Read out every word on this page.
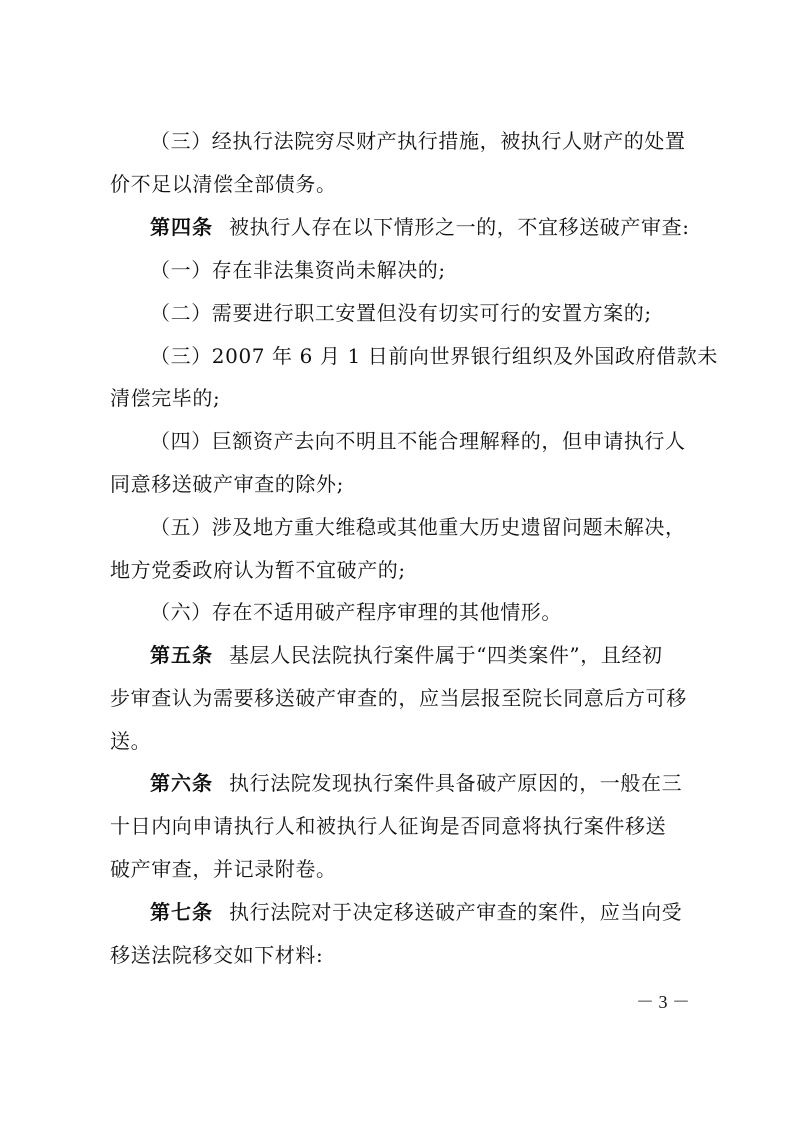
（三）经执行法院穷尽财产执行措施，被执行人财产的处置
价不足以清偿全部债务。
第四条 被执行人存在以下情形之一的，不宜移送破产审查:
（一）存在非法集资尚未解决的;
（二）需要进行职工安置但没有切实可行的安置方案的;
（三）2007 年 6 月 1 日前向世界银行组织及外国政府借款未
清偿完毕的;
（四）巨额资产去向不明且不能合理解释的，但申请执行人
同意移送破产审查的除外;
（五）涉及地方重大维稳或其他重大历史遗留问题未解决，
地方党委政府认为暂不宜破产的;
（六）存在不适用破产程序审理的其他情形。
第五条 基层人民法院执行案件属于“四类案件”，且经初
步审查认为需要移送破产审查的，应当层报至院长同意后方可移
送。
第六条 执行法院发现执行案件具备破产原因的，一般在三
十日内向申请执行人和被执行人征询是否同意将执行案件移送
破产审查，并记录附卷。
第七条 执行法院对于决定移送破产审查的案件，应当向受
移送法院移交如下材料:
－ 3 －
